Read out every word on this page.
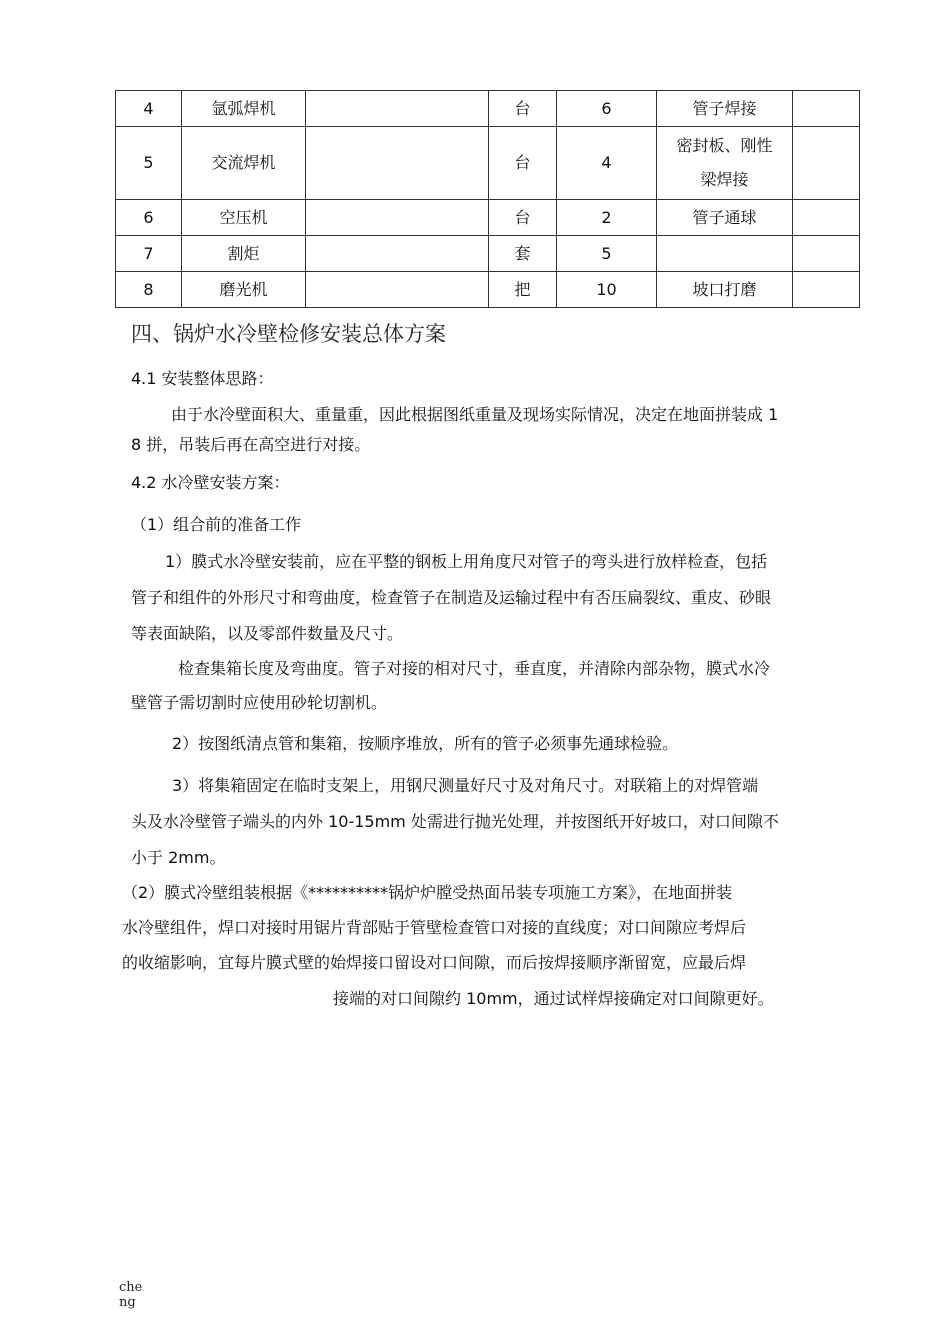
4	氩弧焊机		台	6	管子焊接	
5	交流焊机		台	4	密封板、刚性
梁焊接	

6	空压机		台	2	管子通球	
7	割炬		套	5		
8	磨光机		把	10	坡口打磨	
四、锅炉水冷壁检修安装总体方案
4.1 安装整体思路：
由于水冷壁面积大、重量重，因此根据图纸重量及现场实际情况，决定在地面拼装成 1
8 拼，吊装后再在高空进行对接。
4.2 水冷壁安装方案：
（1）组合前的准备工作
1）膜式水冷壁安装前，应在平整的钢板上用角度尺对管子的弯头进行放样检查，包括
管子和组件的外形尺寸和弯曲度，检查管子在制造及运输过程中有否压扁裂纹、重皮、砂眼
等表面缺陷，以及零部件数量及尺寸。
检查集箱长度及弯曲度。管子对接的相对尺寸，垂直度，并清除内部杂物，膜式水冷
壁管子需切割时应使用砂轮切割机。
2）按图纸清点管和集箱，按顺序堆放，所有的管子必须事先通球检验。
3）将集箱固定在临时支架上，用钢尺测量好尺寸及对角尺寸。对联箱上的对焊管端
头及水冷壁管子端头的内外 10-15mm 处需进行抛光处理，并按图纸开好坡口，对口间隙不
小于 2mm。
（2）膜式冷壁组装根据《**********锅炉炉膛受热面吊装专项施工方案》，在地面拼装
水冷壁组件，焊口对接时用锯片背部贴于管壁检查管口对接的直线度；对口间隙应考焊后
的收缩影响，宜每片膜式壁的始焊接口留设对口间隙，而后按焊接顺序渐留宽，应最后焊
接端的对口间隙约 10mm，通过试样焊接确定对口间隙更好。
che
ng
